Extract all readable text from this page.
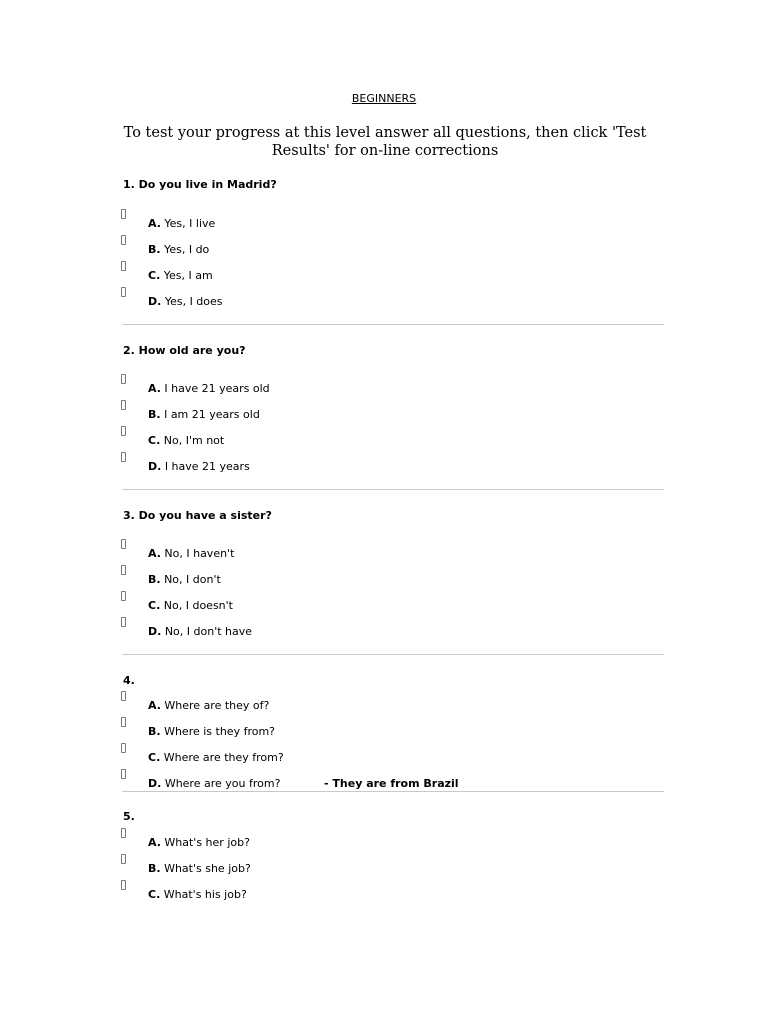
BEGINNERS
To test your progress at this level answer all questions, then click 'Test Results' for on-line corrections
1. Do you live in Madrid?
A. Yes, I live
B. Yes, I do
C. Yes, I am
D. Yes, I does
2. How old are you?
A. I have 21 years old
B. I am 21 years old
C. No, I'm not
D. I have 21 years
3. Do you have a sister?
A. No, I haven't
B. No, I don't
C. No, I doesn't
D. No, I don't have
4.
A. Where are they of?
B. Where is they from?
C. Where are they from?
D. Where are you from?	- They are from Brazil
5.
A. What's her job?
B. What's she job?
C. What's his job?
